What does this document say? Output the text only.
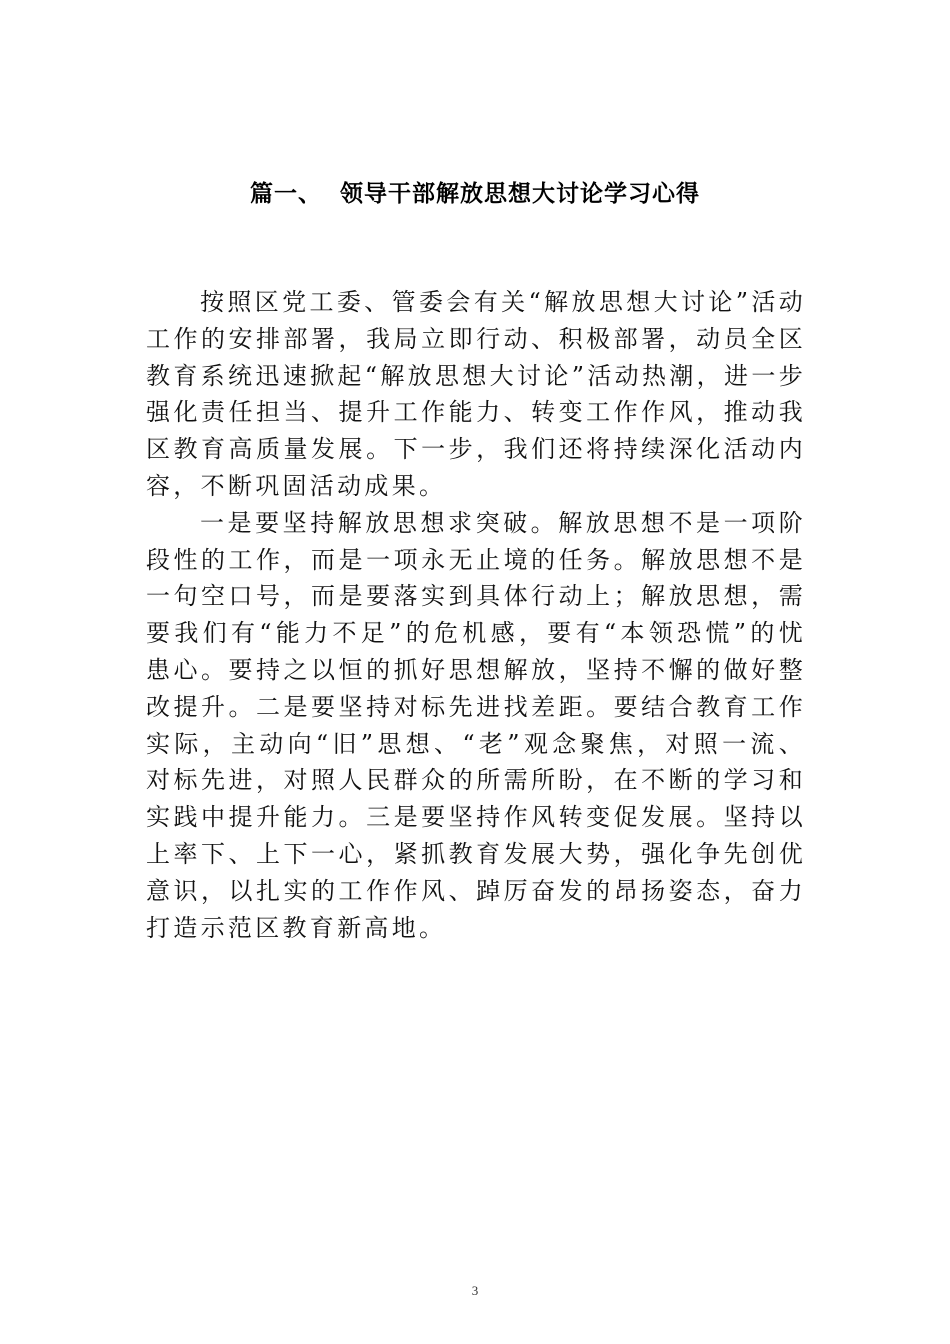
篇一、  领导干部解放思想大讨论学习心得

按照区党工委、管委会有关“解放思想大讨论”活动工作的安排部署，我局立即行动、积极部署，动员全区教育系统迅速掀起“解放思想大讨论”活动热潮，进一步强化责任担当、提升工作能力、转变工作作风，推动我区教育高质量发展。下一步，我们还将持续深化活动内容，不断巩固活动成果。

一是要坚持解放思想求突破。解放思想不是一项阶段性的工作，而是一项永无止境的任务。解放思想不是一句空口号，而是要落实到具体行动上；解放思想，需要我们有“能力不足”的危机感，要有“本领恐慌”的忧患心。要持之以恒的抓好思想解放，坚持不懈的做好整改提升。二是要坚持对标先进找差距。要结合教育工作实际，主动向“旧”思想、“老”观念聚焦，对照一流、对标先进，对照人民群众的所需所盼，在不断的学习和实践中提升能力。三是要坚持作风转变促发展。坚持以上率下、上下一心，紧抓教育发展大势，强化争先创优意识，以扎实的工作作风、踔厉奋发的昂扬姿态，奋力打造示范区教育新高地。

3
